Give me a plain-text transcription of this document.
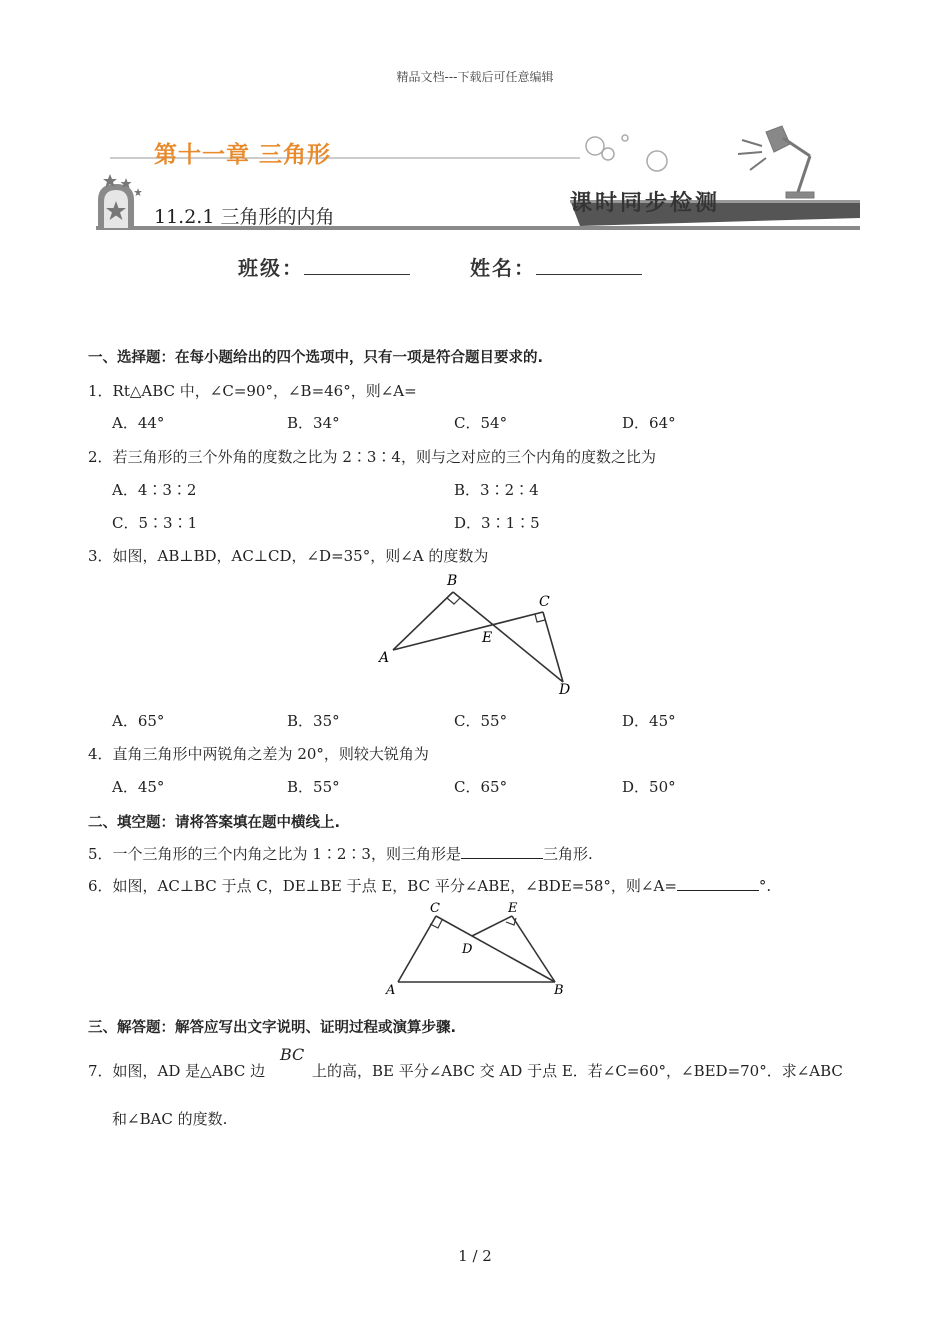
精品文档---下载后可任意编辑
第十一章 三角形
11.2.1 三角形的内角
课时同步检测
班级：	姓名：
一、选择题：在每小题给出的四个选项中，只有一项是符合题目要求的.
1．Rt△ABC 中，∠C=90°，∠B=46°，则∠A=
A．44°	B．34°	C．54°	D．64°
2．若三角形的三个外角的度数之比为 2∶3∶4，则与之对应的三个内角的度数之比为
A．4∶3∶2	B．3∶2∶4
C．5∶3∶1	D．3∶1∶5
3．如图，AB⊥BD，AC⊥CD，∠D=35°，则∠A 的度数为
B
C
E
A
D
A．65°	B．35°	C．55°	D．45°
4．直角三角形中两锐角之差为 20°，则较大锐角为
A．45°	B．55°	C．65°	D．50°
二、填空题：请将答案填在题中横线上.
5．一个三角形的三个内角之比为 1∶2∶3，则三角形是	三角形.
6．如图，AC⊥BC 于点 C，DE⊥BE 于点 E，BC 平分∠ABE，∠BDE=58°，则∠A=	°.
C	E
D
A	B
三、解答题：解答应写出文字说明、证明过程或演算步骤.
BC
7．如图，AD 是△ABC 边	上的高，BE 平分∠ABC 交 AD 于点 E．若∠C=60°，∠BED=70°．求∠ABC
和∠BAC 的度数.
1 / 2
